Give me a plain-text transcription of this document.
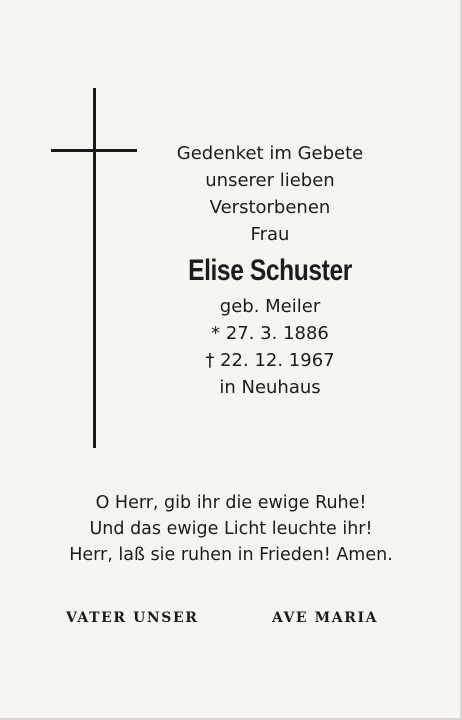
Gedenket im Gebete
unserer lieben
Verstorbenen
Frau
Elise Schuster
geb. Meiler
* 27. 3. 1886
† 22. 12. 1967
in Neuhaus
O Herr, gib ihr die ewige Ruhe!
Und das ewige Licht leuchte ihr!
Herr, laß sie ruhen in Frieden! Amen.
VATER UNSER	AVE MARIA
